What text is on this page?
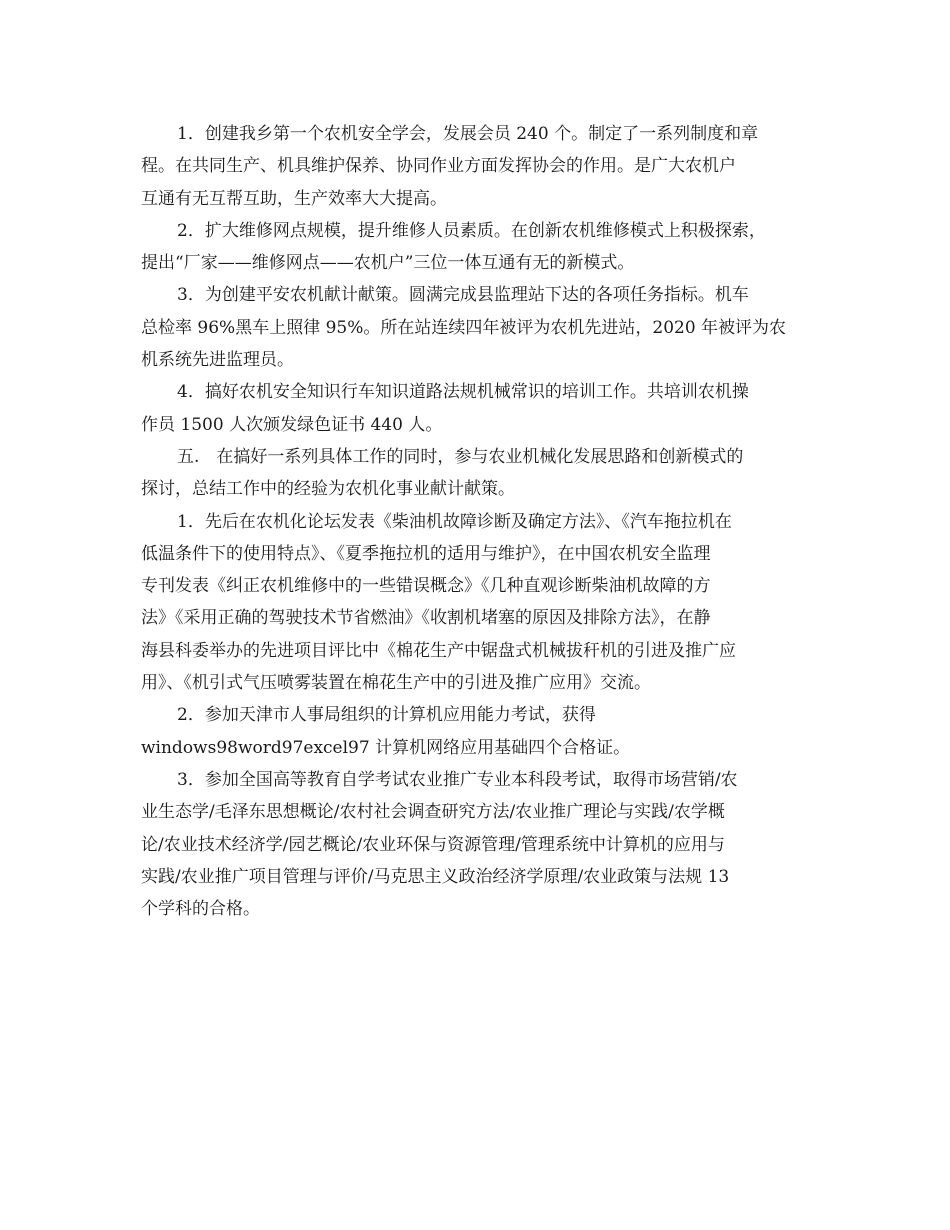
1．创建我乡第一个农机安全学会，发展会员 240 个。制定了一系列制度和章
程。在共同生产、机具维护保养、协同作业方面发挥协会的作用。是广大农机户
互通有无互帮互助，生产效率大大提高。
2．扩大维修网点规模，提升维修人员素质。在创新农机维修模式上积极探索，
提出“厂家——维修网点——农机户”三位一体互通有无的新模式。
3．为创建平安农机献计献策。圆满完成县监理站下达的各项任务指标。机车
总检率 96%黑车上照律 95%。所在站连续四年被评为农机先进站，2020 年被评为农
机系统先进监理员。
4．搞好农机安全知识行车知识道路法规机械常识的培训工作。共培训农机操
作员 1500 人次颁发绿色证书 440 人。
五.　在搞好一系列具体工作的同时，参与农业机械化发展思路和创新模式的
探讨，总结工作中的经验为农机化事业献计献策。
1．先后在农机化论坛发表《柴油机故障诊断及确定方法》、《汽车拖拉机在
低温条件下的使用特点》、《夏季拖拉机的适用与维护》，在中国农机安全监理
专刊发表《纠正农机维修中的一些错误概念》《几种直观诊断柴油机故障的方
法》《采用正确的驾驶技术节省燃油》《收割机堵塞的原因及排除方法》，在静
海县科委举办的先进项目评比中《棉花生产中锯盘式机械拔秆机的引进及推广应
用》、《机引式气压喷雾装置在棉花生产中的引进及推广应用》交流。
2．参加天津市人事局组织的计算机应用能力考试，获得
windows98word97excel97 计算机网络应用基础四个合格证。
3．参加全国高等教育自学考试农业推广专业本科段考试，取得市场营销/农
业生态学/毛泽东思想概论/农村社会调查研究方法/农业推广理论与实践/农学概
论/农业技术经济学/园艺概论/农业环保与资源管理/管理系统中计算机的应用与
实践/农业推广项目管理与评价/马克思主义政治经济学原理/农业政策与法规 13
个学科的合格。
